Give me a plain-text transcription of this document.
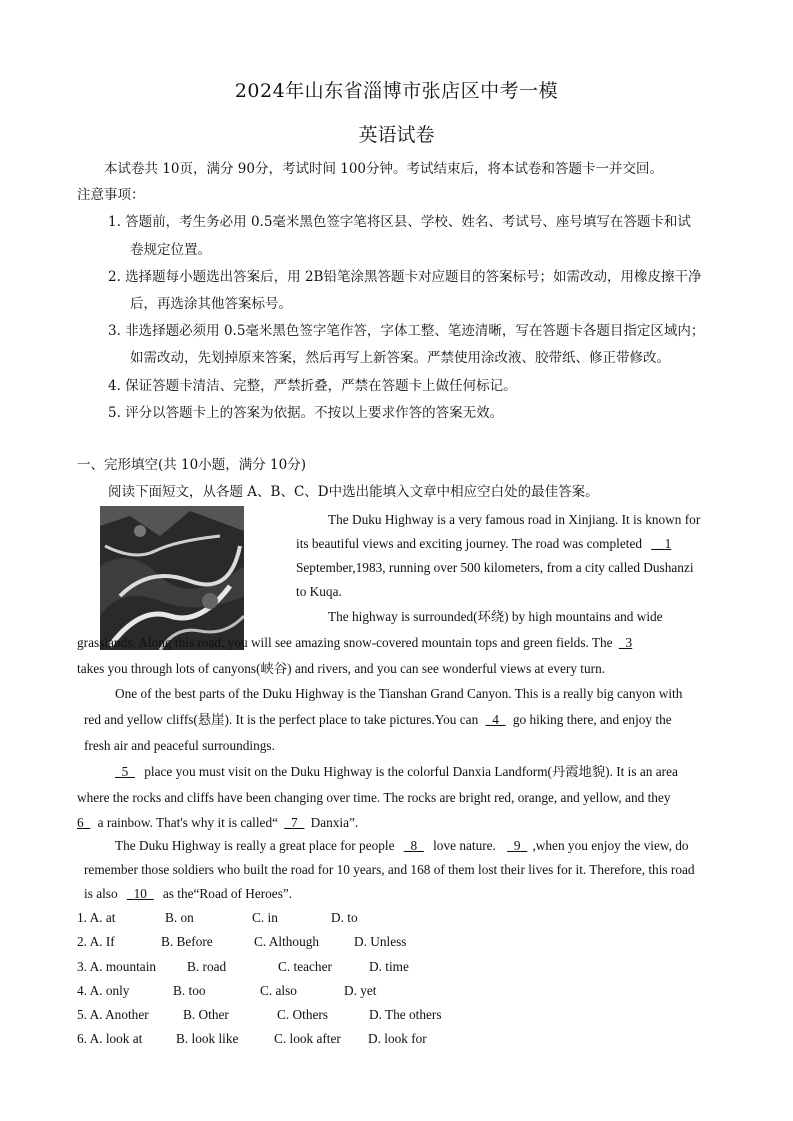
2024年山东省淄博市张店区中考一模
英语试卷
本试卷共 10页，满分 90分，考试时间 100分钟。考试结束后，将本试卷和答题卡一并交回。
注意事项：
1. 答题前，考生务必用 0.5毫米黑色签字笔将区县、学校、姓名、考试号、座号填写在答题卡和试
卷规定位置。
2. 选择题每小题选出答案后，用 2B铅笔涂黑答题卡对应题目的答案标号；如需改动，用橡皮擦干净
后，再选涂其他答案标号。
3. 非选择题必须用 0.5毫米黑色签字笔作答，字体工整、笔迹清晰，写在答题卡各题目指定区域内；
如需改动，先划掉原来答案，然后再写上新答案。严禁使用涂改液、胶带纸、修正带修改。
4. 保证答题卡清洁、完整，严禁折叠，严禁在答题卡上做任何标记。
5. 评分以答题卡上的答案为依据。不按以上要求作答的答案无效。
一、完形填空(共 10小题，满分 10分)
阅读下面短文，从各题 A、B、C、D中选出能填入文章中相应空白处的最佳答案。
The Duku Highway is a very famous road in Xinjiang. It is known for
its beautiful views and exciting journey. The road was completed __1
September,1983, running over 500 kilometers, from a city called Dushanzi
to Kuqa.
The highway is surrounded(环绕) by high mountains and wide
grasslands. Along this road, you will see amazing snow-covered mountain tops and green fields. The _3
takes you through lots of canyons(峡谷) and rivers, and you can see wonderful views at every turn.
One of the best parts of the Duku Highway is the Tianshan Grand Canyon. This is a really big canyon with
red and yellow cliffs(悬崖). It is the perfect place to take pictures.You can _4_ go hiking there, and enjoy the
fresh air and peaceful surroundings.
_5_ place you must visit on the Duku Highway is the colorful Danxia Landform(丹霞地貌). It is an area
where the rocks and cliffs have been changing over time. The rocks are bright red, orange, and yellow, and they
6_ a rainbow. That's why it is called“ _7_ Danxia”.
The Duku Highway is really a great place for people _8_ love nature. _9_ ,when you enjoy the view, do
remember those soldiers who built the road for 10 years, and 168 of them lost their lives for it. Therefore, this road
is also _10_ as the“Road of Heroes”.
1. A. at	B. on	C. in	D. to
2. A. If	B. Before	C. Although	D. Unless
3. A. mountain B. road	C. teacher	D. time
4. A. only	B. too	C. also	D. yet
5. A. Another	B. Other	C. Others	D. The others
6. A. look at	B. look like	C. look after D. look for
